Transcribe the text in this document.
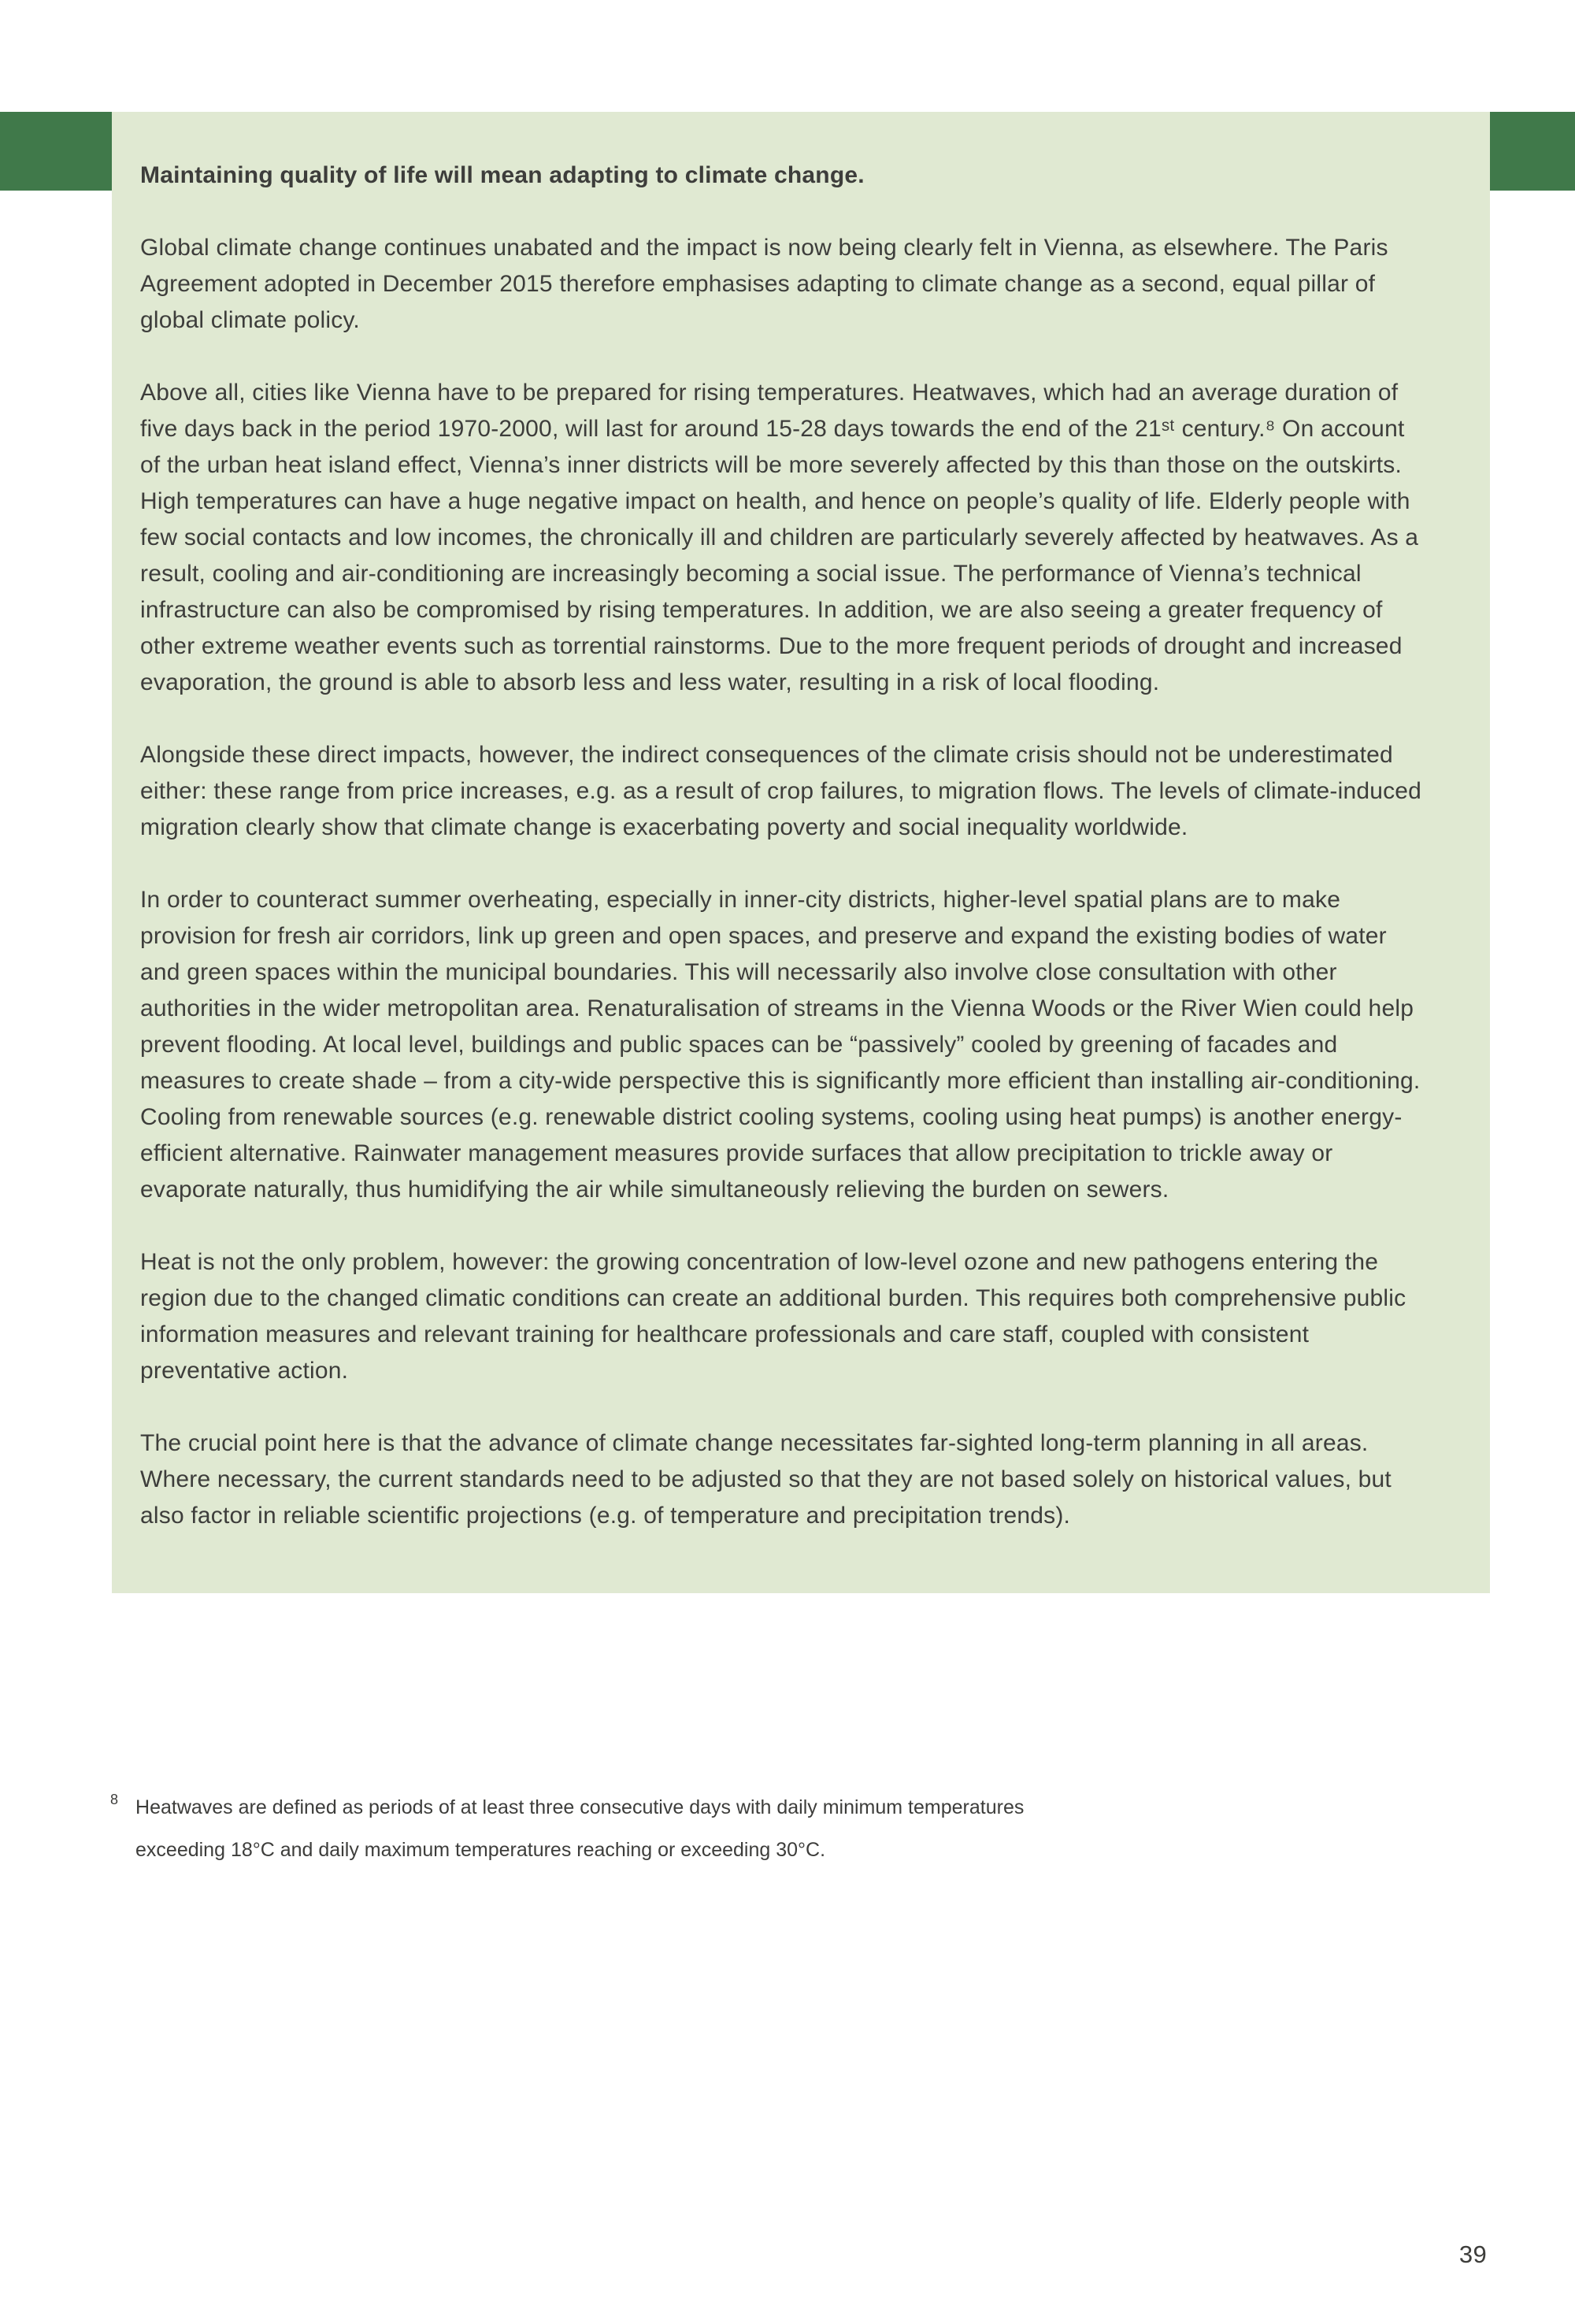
Maintaining quality of life will mean adapting to climate change.

Global climate change continues unabated and the impact is now being clearly felt in Vienna, as elsewhere. The Paris Agreement adopted in December 2015 therefore emphasises adapting to climate change as a second, equal pillar of global climate policy.

Above all, cities like Vienna have to be prepared for rising temperatures. Heatwaves, which had an average duration of five days back in the period 1970-2000, will last for around 15-28 days towards the end of the 21ˢᵗ century.⁸ On account of the urban heat island effect, Vienna’s inner districts will be more severely affected by this than those on the outskirts. High temperatures can have a huge negative impact on health, and hence on people’s quality of life. Elderly people with few social contacts and low incomes, the chronically ill and children are particularly severely affected by heatwaves. As a result, cooling and air-conditioning are increasingly becoming a social issue. The performance of Vienna’s technical infrastructure can also be compromised by rising temperatures. In addition, we are also seeing a greater frequency of other extreme weather events such as torrential rainstorms. Due to the more frequent periods of drought and increased evaporation, the ground is able to absorb less and less water, resulting in a risk of local flooding.

Alongside these direct impacts, however, the indirect consequences of the climate crisis should not be underestimated either: these range from price increases, e.g. as a result of crop failures, to migration flows. The levels of climate-induced migration clearly show that climate change is exacerbating poverty and social inequality worldwide.

In order to counteract summer overheating, especially in inner-city districts, higher-level spatial plans are to make provision for fresh air corridors, link up green and open spaces, and preserve and expand the existing bodies of water and green spaces within the municipal boundaries. This will necessarily also involve close consultation with other authorities in the wider metropolitan area. Renaturalisation of streams in the Vienna Woods or the River Wien could help prevent flooding. At local level, buildings and public spaces can be “passively” cooled by greening of facades and measures to create shade – from a city-wide perspective this is significantly more efficient than installing air-conditioning. Cooling from renewable sources (e.g. renewable district cooling systems, cooling using heat pumps) is another energy-efficient alternative. Rainwater management measures provide surfaces that allow precipitation to trickle away or evaporate naturally, thus humidifying the air while simultaneously relieving the burden on sewers.

Heat is not the only problem, however: the growing concentration of low-level ozone and new pathogens entering the region due to the changed climatic conditions can create an additional burden. This requires both comprehensive public information measures and relevant training for healthcare professionals and care staff, coupled with consistent preventative action.

The crucial point here is that the advance of climate change necessitates far-sighted long-term planning in all areas. Where necessary, the current standards need to be adjusted so that they are not based solely on historical values, but also factor in reliable scientific projections (e.g. of temperature and precipitation trends).

8 Heatwaves are defined as periods of at least three consecutive days with daily minimum temperatures exceeding 18°C and daily maximum temperatures reaching or exceeding 30°C.
39
